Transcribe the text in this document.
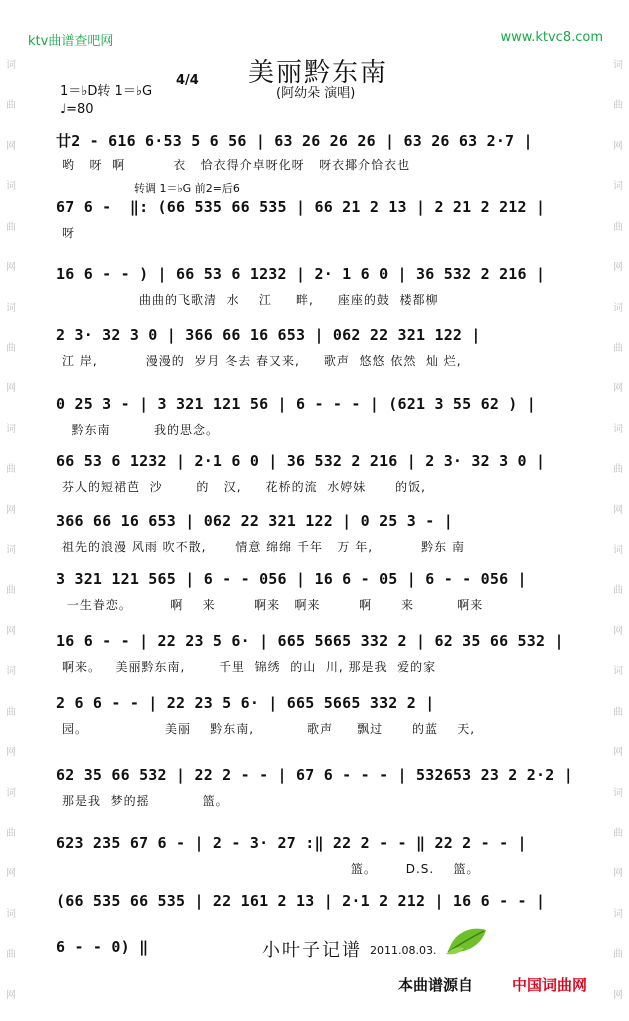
词
曲
网
词
曲
网
词
曲
网
词
曲
网
词
曲
网
词
曲
网
词
曲
网
词
曲
网
词
曲
网
词
曲
网
词
曲
网
词
曲
网
词
曲
网
词
曲
网
词
曲
网
词
曲
网
ktv曲谱查吧网	www.ktvc8.com
美丽黔东南
1＝♭D转 1＝♭G
4/4
(阿幼朵 演唱)
♩=80
转调 1＝♭G 前2=后6
廿2 - 616 6·53 5 6 56 | 63 26 26 26 | 63 26 63 2·7 |
哟   呀  啊          衣   恰衣得介卓呀化呀   呀衣揶介恰衣也
67 6 -  ‖: (66 535 66 535 | 66 21 2 13 | 2 21 2 212 |
呀
16 6 - - ) | 66 53 6 1232 | 2· 1 6 0 | 36 532 2 216 |
曲曲的飞歌清  水    江     畔,     座座的鼓  楼都柳
2 3· 32 3 0 | 366 66 16 653 | 062 22 321 122 |
江 岸,          漫漫的  岁月 冬去 春又来,     歌声  悠悠 依然  灿 烂,
0 25 3 - | 3 321 121 56 | 6 - - - | (621 3 55 62 ) |
黔东南         我的思念。
66 53 6 1232 | 2·1 6 0 | 36 532 2 216 | 2 3· 32 3 0 |
芬人的短裙芭  沙       的   汉,     花桥的流  水婷妹      的饭,
366 66 16 653 | 062 22 321 122 | 0 25 3 - |
祖先的浪漫 风雨 吹不散,      情意 绵绵 千年   万 年,          黔东 南
3 321 121 565 | 6 - - 056 | 16 6 - 05 | 6 - - 056 |
一生眷恋。        啊    来        啊来   啊来        啊      来         啊来
16 6 - - | 22 23 5 6· | 665 5665 332 2 | 62 35 66 532 |
啊来。   美丽黔东南,       千里  锦绣  的山  川, 那是我  爱的家
2 6 6 - - | 22 23 5 6· | 665 5665 332 2 |
园。                美丽    黔东南,           歌声     飘过      的蓝    天,
62 35 66 532 | 22 2 - - | 67 6 - - - | 532653 23 2 2·2 |
那是我  梦的摇           篮。
623 235 67 6 - | 2 - 3· 27 :‖ 22 2 - - ‖ 22 2 - - |
篮。      D.S.    篮。
(66 535 66 535 | 22 161 2 13 | 2·1 2 212 | 16 6 - - |
6 - - 0) ‖	小叶子记谱 2011.08.03.
本曲谱源自	中国词曲网
